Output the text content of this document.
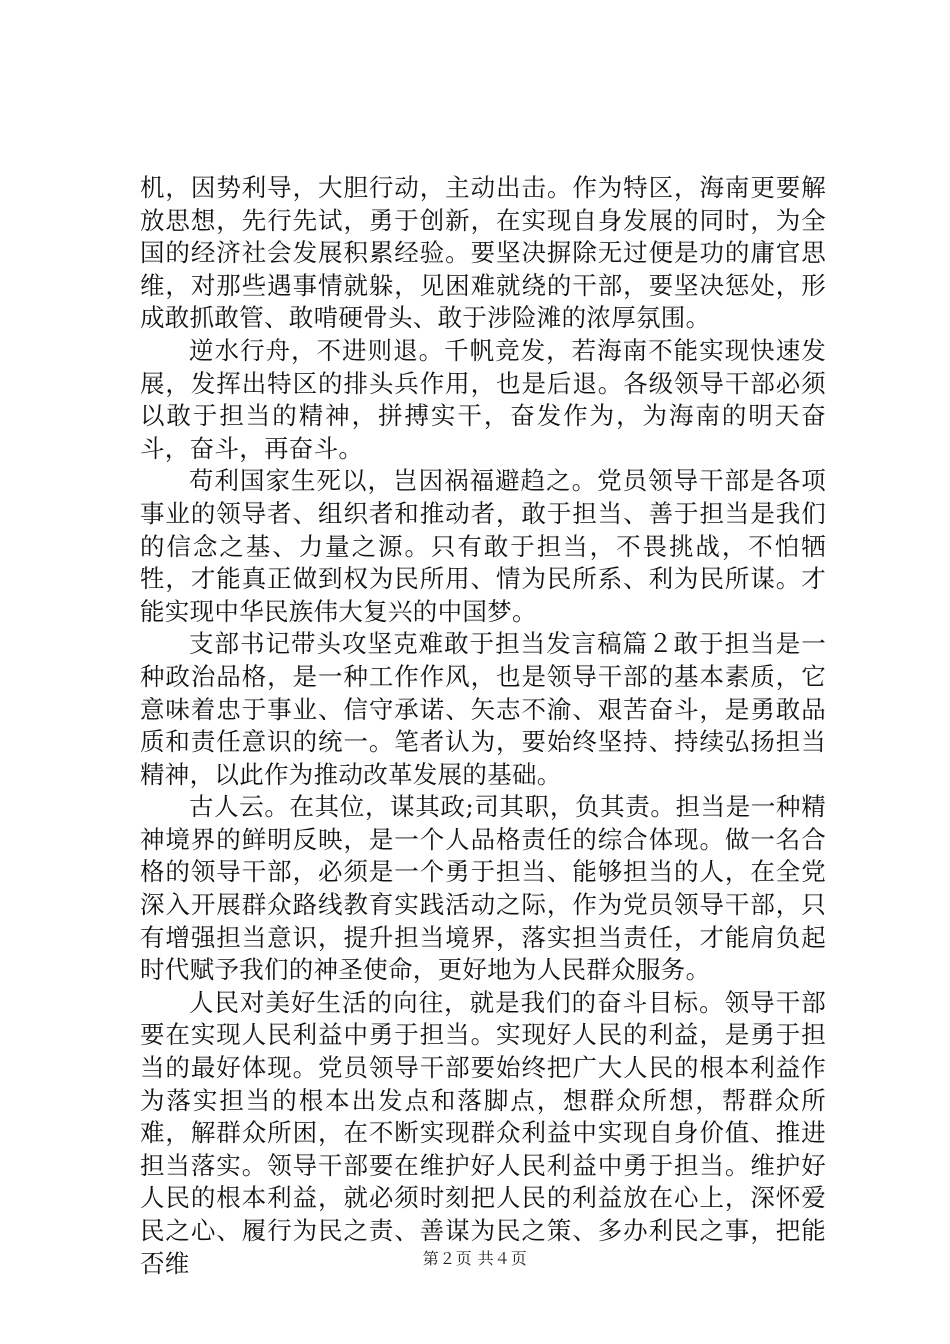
机，因势利导，大胆行动，主动出击。作为特区，海南更要解放思想，先行先试，勇于创新，在实现自身发展的同时，为全国的经济社会发展积累经验。要坚决摒除无过便是功的庸官思维，对那些遇事情就躲，见困难就绕的干部，要坚决惩处，形成敢抓敢管、敢啃硬骨头、敢于涉险滩的浓厚氛围。

逆水行舟，不进则退。千帆竞发，若海南不能实现快速发展，发挥出特区的排头兵作用，也是后退。各级领导干部必须以敢于担当的精神，拼搏实干，奋发作为，为海南的明天奋斗，奋斗，再奋斗。

苟利国家生死以，岂因祸福避趋之。党员领导干部是各项事业的领导者、组织者和推动者，敢于担当、善于担当是我们的信念之基、力量之源。只有敢于担当，不畏挑战，不怕牺牲，才能真正做到权为民所用、情为民所系、利为民所谋。才能实现中华民族伟大复兴的中国梦。

支部书记带头攻坚克难敢于担当发言稿篇２敢于担当是一种政治品格，是一种工作作风，也是领导干部的基本素质，它意味着忠于事业、信守承诺、矢志不渝、艰苦奋斗，是勇敢品质和责任意识的统一。笔者认为，要始终坚持、持续弘扬担当精神，以此作为推动改革发展的基础。

古人云。在其位，谋其政;司其职，负其责。担当是一种精神境界的鲜明反映，是一个人品格责任的综合体现。做一名合格的领导干部，必须是一个勇于担当、能够担当的人，在全党深入开展群众路线教育实践活动之际，作为党员领导干部，只有增强担当意识，提升担当境界，落实担当责任，才能肩负起时代赋予我们的神圣使命，更好地为人民群众服务。

人民对美好生活的向往，就是我们的奋斗目标。领导干部要在实现人民利益中勇于担当。实现好人民的利益，是勇于担当的最好体现。党员领导干部要始终把广大人民的根本利益作为落实担当的根本出发点和落脚点，想群众所想，帮群众所难，解群众所困，在不断实现群众利益中实现自身价值、推进担当落实。领导干部要在维护好人民利益中勇于担当。维护好人民的根本利益，就必须时刻把人民的利益放在心上，深怀爱民之心、履行为民之责、善谋为民之策、多办利民之事，把能否维	第２页 共４页
